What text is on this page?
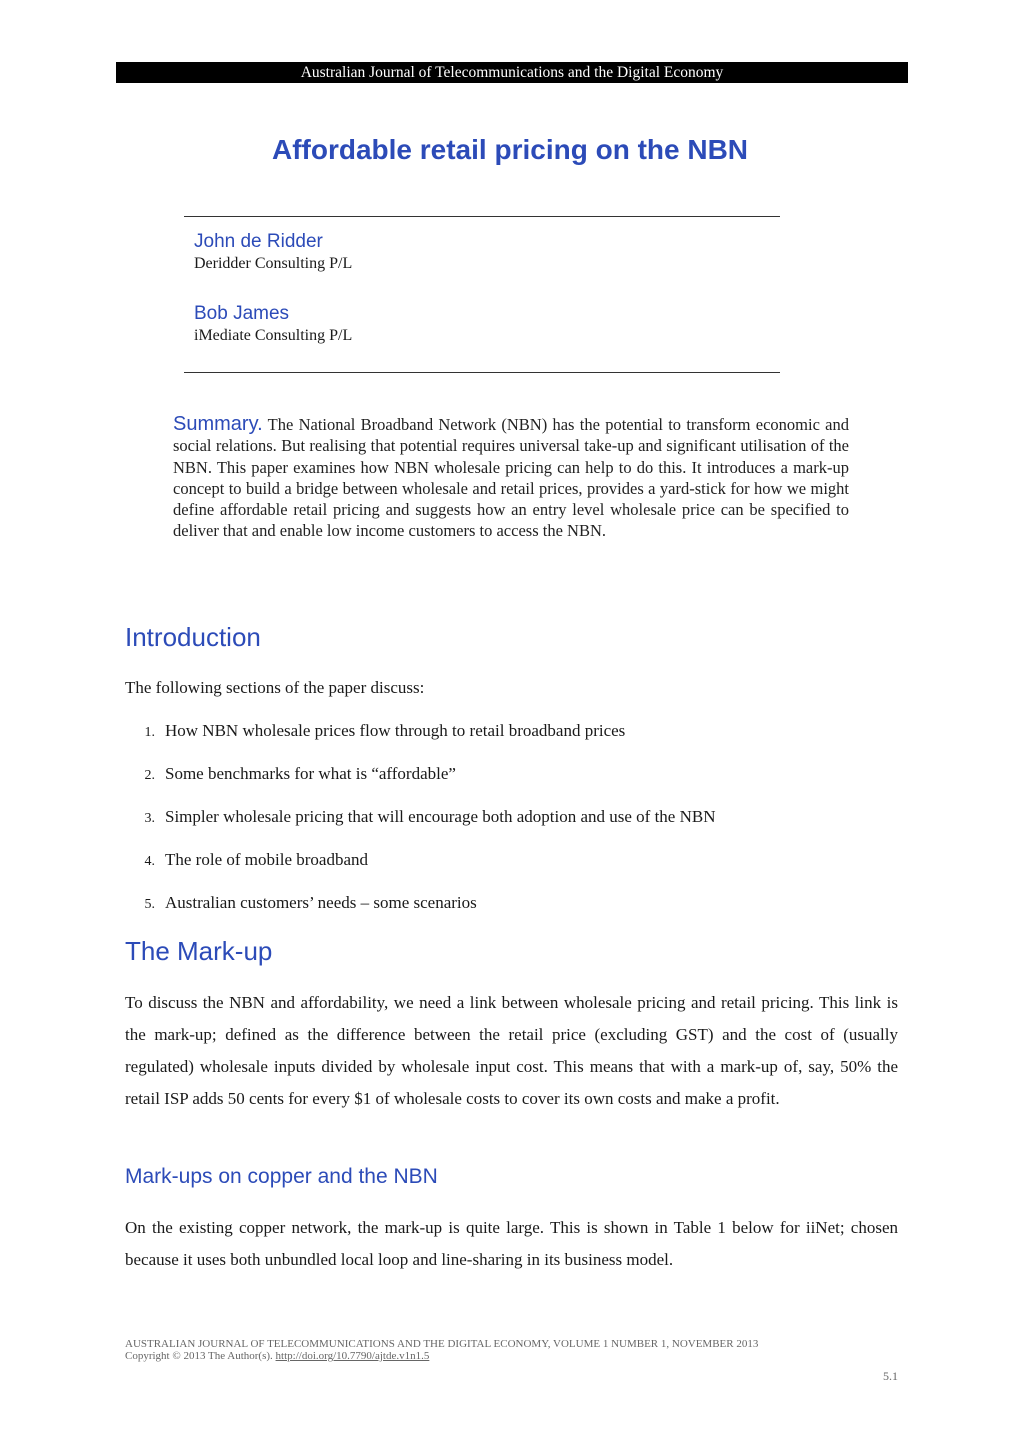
Australian Journal of Telecommunications and the Digital Economy
Affordable retail pricing on the NBN
John de Ridder
Deridder Consulting P/L
Bob James
iMediate Consulting P/L

Summary. The National Broadband Network (NBN) has the potential to transform economic and social relations. But realising that potential requires universal take-up and significant utilisation of the NBN. This paper examines how NBN wholesale pricing can help to do this. It introduces a mark-up concept to build a bridge between wholesale and retail prices, provides a yard-stick for how we might define affordable retail pricing and suggests how an entry level wholesale price can be specified to deliver that and enable low income customers to access the NBN.

Introduction

The following sections of the paper discuss:

1. How NBN wholesale prices flow through to retail broadband prices
2. Some benchmarks for what is “affordable”
3. Simpler wholesale pricing that will encourage both adoption and use of the NBN
4. The role of mobile broadband
5. Australian customers’ needs – some scenarios
The Mark-up

To discuss the NBN and affordability, we need a link between wholesale pricing and retail pricing. This link is the mark-up; defined as the difference between the retail price (excluding GST) and the cost of (usually regulated) wholesale inputs divided by wholesale input cost. This means that with a mark-up of, say, 50% the retail ISP adds 50 cents for every $1 of wholesale costs to cover its own costs and make a profit.

Mark-ups on copper and the NBN

On the existing copper network, the mark-up is quite large. This is shown in Table 1 below for iiNet; chosen because it uses both unbundled local loop and line-sharing in its business model.

AUSTRALIAN JOURNAL OF TELECOMMUNICATIONS AND THE DIGITAL ECONOMY, VOLUME 1 NUMBER 1, NOVEMBER 2013
Copyright © 2013 The Author(s). http://doi.org/10.7790/ajtde.v1n1.5
5.1
